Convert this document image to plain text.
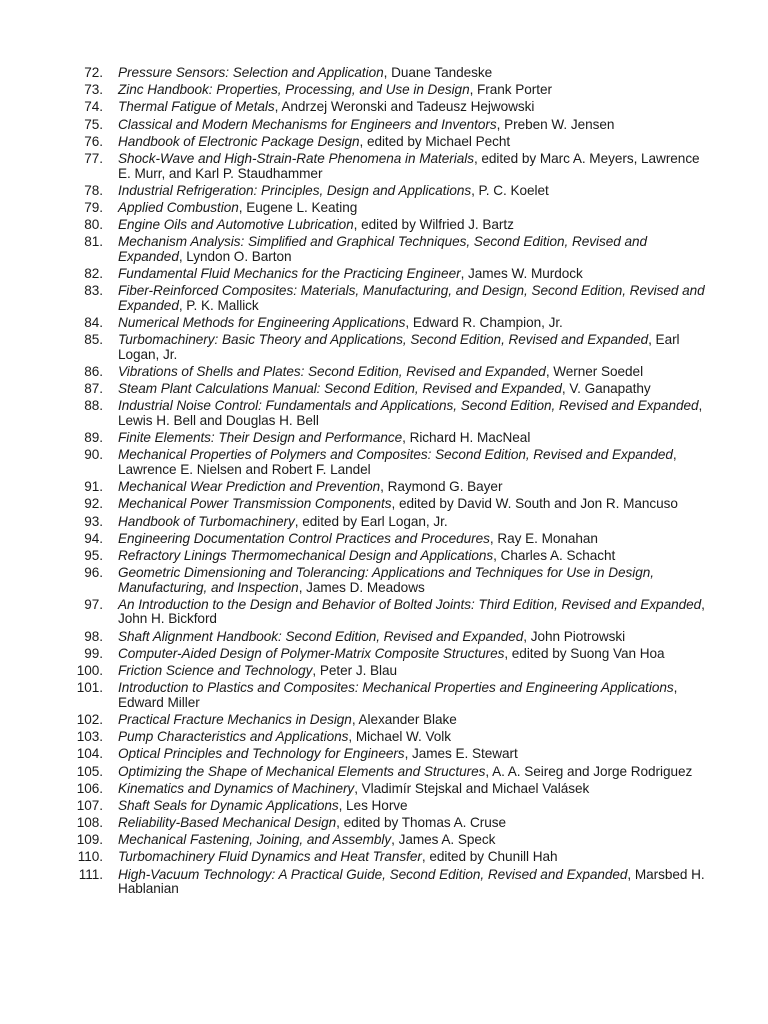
72. Pressure Sensors: Selection and Application, Duane Tandeske
73. Zinc Handbook: Properties, Processing, and Use in Design, Frank Porter
74. Thermal Fatigue of Metals, Andrzej Weronski and Tadeusz Hejwowski
75. Classical and Modern Mechanisms for Engineers and Inventors, Preben W. Jensen
76. Handbook of Electronic Package Design, edited by Michael Pecht
77. Shock-Wave and High-Strain-Rate Phenomena in Materials, edited by Marc A. Meyers, Lawrence E. Murr, and Karl P. Staudhammer
78. Industrial Refrigeration: Principles, Design and Applications, P. C. Koelet
79. Applied Combustion, Eugene L. Keating
80. Engine Oils and Automotive Lubrication, edited by Wilfried J. Bartz
81. Mechanism Analysis: Simplified and Graphical Techniques, Second Edition, Revised and Expanded, Lyndon O. Barton
82. Fundamental Fluid Mechanics for the Practicing Engineer, James W. Murdock
83. Fiber-Reinforced Composites: Materials, Manufacturing, and Design, Second Edition, Revised and Expanded, P. K. Mallick
84. Numerical Methods for Engineering Applications, Edward R. Champion, Jr.
85. Turbomachinery: Basic Theory and Applications, Second Edition, Revised and Expanded, Earl Logan, Jr.
86. Vibrations of Shells and Plates: Second Edition, Revised and Expanded, Werner Soedel
87. Steam Plant Calculations Manual: Second Edition, Revised and Expanded, V. Ganapathy
88. Industrial Noise Control: Fundamentals and Applications, Second Edition, Revised and Expanded, Lewis H. Bell and Douglas H. Bell
89. Finite Elements: Their Design and Performance, Richard H. MacNeal
90. Mechanical Properties of Polymers and Composites: Second Edition, Revised and Expanded, Lawrence E. Nielsen and Robert F. Landel
91. Mechanical Wear Prediction and Prevention, Raymond G. Bayer
92. Mechanical Power Transmission Components, edited by David W. South and Jon R. Mancuso
93. Handbook of Turbomachinery, edited by Earl Logan, Jr.
94. Engineering Documentation Control Practices and Procedures, Ray E. Monahan
95. Refractory Linings Thermomechanical Design and Applications, Charles A. Schacht
96. Geometric Dimensioning and Tolerancing: Applications and Techniques for Use in Design, Manufacturing, and Inspection, James D. Meadows
97. An Introduction to the Design and Behavior of Bolted Joints: Third Edition, Revised and Expanded, John H. Bickford
98. Shaft Alignment Handbook: Second Edition, Revised and Expanded, John Piotrowski
99. Computer-Aided Design of Polymer-Matrix Composite Structures, edited by Suong Van Hoa
100. Friction Science and Technology, Peter J. Blau
101. Introduction to Plastics and Composites: Mechanical Properties and Engineering Applications, Edward Miller
102. Practical Fracture Mechanics in Design, Alexander Blake
103. Pump Characteristics and Applications, Michael W. Volk
104. Optical Principles and Technology for Engineers, James E. Stewart
105. Optimizing the Shape of Mechanical Elements and Structures, A. A. Seireg and Jorge Rodriguez
106. Kinematics and Dynamics of Machinery, Vladimír Stejskal and Michael Valásek
107. Shaft Seals for Dynamic Applications, Les Horve
108. Reliability-Based Mechanical Design, edited by Thomas A. Cruse
109. Mechanical Fastening, Joining, and Assembly, James A. Speck
110. Turbomachinery Fluid Dynamics and Heat Transfer, edited by Chunill Hah
111. High-Vacuum Technology: A Practical Guide, Second Edition, Revised and Expanded, Marsbed H. Hablanian
